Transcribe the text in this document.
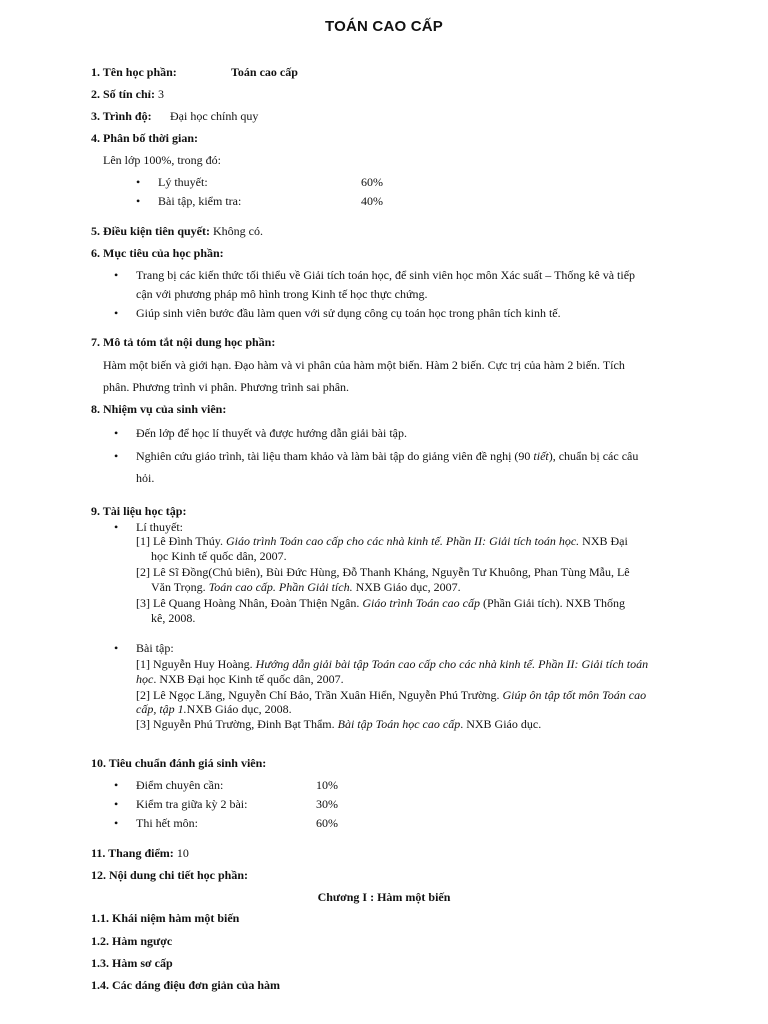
TOÁN CAO CẤP
1. Tên học phần:	Toán cao cấp
2. Số tín chỉ: 3
3. Trình độ: Đại học chính quy
4. Phân bố thời gian:
Lên lớp 100%, trong đó:
• Lý thuyết:	60%
• Bài tập, kiểm tra:	40%
5. Điều kiện tiên quyết: Không có.
6. Mục tiêu của học phần:
• Trang bị các kiến thức tối thiểu về Giải tích toán học, để sinh viên học môn Xác suất – Thống kê và tiếp
cận với phương pháp mô hình trong Kinh tế học thực chứng.
• Giúp sinh viên bước đầu làm quen với sử dụng công cụ toán học trong phân tích kinh tế.
7. Mô tả tóm tắt nội dung học phần:
Hàm một biến và giới hạn. Đạo hàm và vi phân của hàm một biến. Hàm 2 biến. Cực trị của hàm 2 biến. Tích
phân. Phương trình vi phân. Phương trình sai phân.
8. Nhiệm vụ của sinh viên:
• Đến lớp để học lí thuyết và được hướng dẫn giải bài tập.
• Nghiên cứu giáo trình, tài liệu tham khảo và làm bài tập do giảng viên đề nghị (90 tiết), chuẩn bị các câu
hỏi.
9. Tài liệu học tập:
• Lí thuyết:
[1] Lê Đình Thúy. Giáo trình Toán cao cấp cho các nhà kinh tế. Phần II: Giải tích toán học. NXB Đại
học Kinh tế quốc dân, 2007.
[2] Lê Sĩ Đồng(Chủ biên), Bùi Đức Hùng, Đỗ Thanh Kháng, Nguyễn Tư Khuông, Phan Tùng Mẫu, Lê
Văn Trọng. Toán cao cấp. Phần Giải tích. NXB Giáo dục, 2007.
[3] Lê Quang Hoàng Nhân, Đoàn Thiện Ngân. Giáo trình Toán cao cấp (Phần Giải tích). NXB Thống
kê, 2008.
• Bài tập:
[1] Nguyễn Huy Hoàng. Hướng dẫn giải bài tập Toán cao cấp cho các nhà kinh tế. Phần II: Giải tích toán
học. NXB Đại học Kinh tế quốc dân, 2007.
[2] Lê Ngọc Lăng, Nguyễn Chí Bảo, Trần Xuân Hiển, Nguyễn Phú Trường. Giúp ôn tập tốt môn Toán cao
cấp, tập 1.NXB Giáo dục, 2008.
[3] Nguyễn Phú Trường, Đinh Bạt Thẩm. Bài tập Toán học cao cấp. NXB Giáo dục.
10. Tiêu chuẩn đánh giá sinh viên:
• Điểm chuyên cần:	10%
• Kiểm tra giữa kỳ 2 bài:	30%
• Thi hết môn:	60%
11. Thang điểm: 10
12. Nội dung chi tiết học phần:
Chương I : Hàm một biến
1.1. Khái niệm hàm một biến
1.2. Hàm ngược
1.3. Hàm sơ cấp
1.4. Các dáng điệu đơn giản của hàm
